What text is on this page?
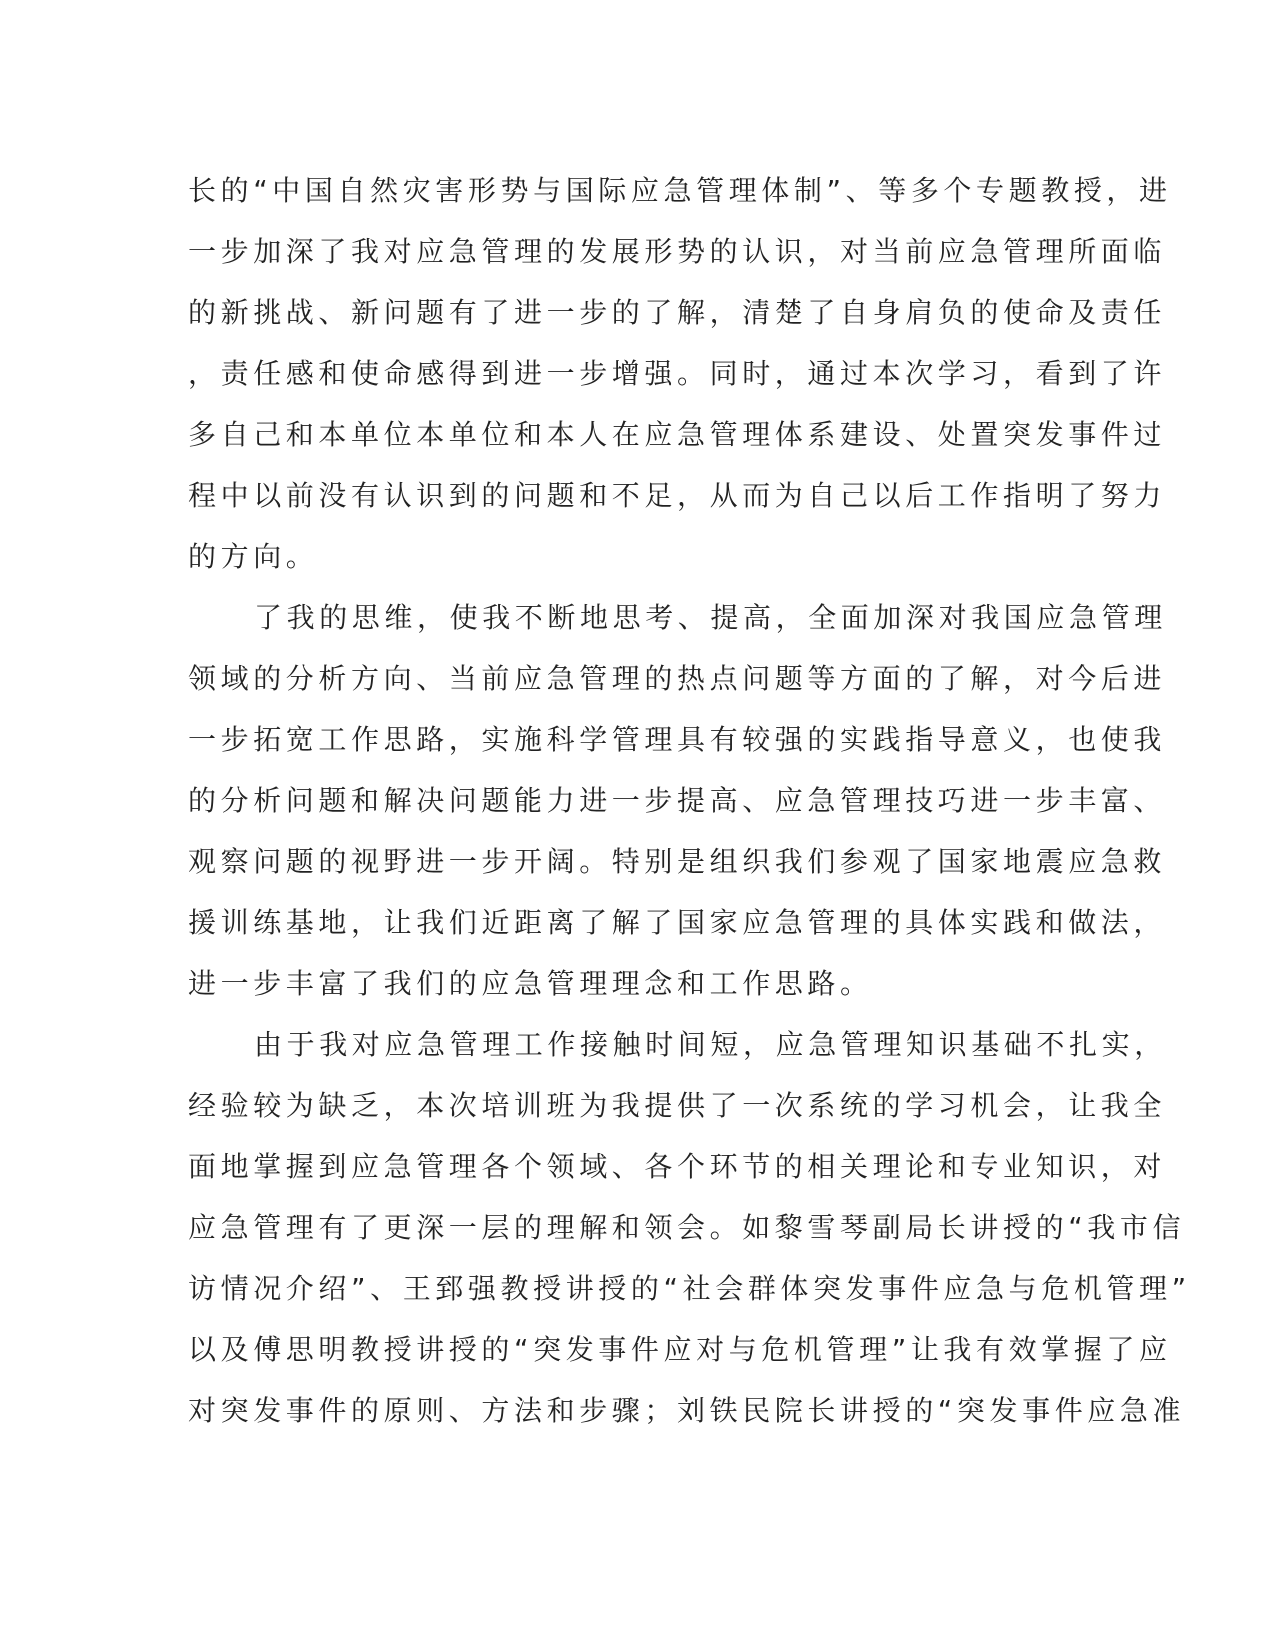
长的“中国自然灾害形势与国际应急管理体制”、等多个专题教授，进
一步加深了我对应急管理的发展形势的认识，对当前应急管理所面临
的新挑战、新问题有了进一步的了解，清楚了自身肩负的使命及责任
，责任感和使命感得到进一步增强。同时，通过本次学习，看到了许
多自己和本单位本单位和本人在应急管理体系建设、处置突发事件过
程中以前没有认识到的问题和不足，从而为自己以后工作指明了努力
的方向。
了我的思维，使我不断地思考、提高，全面加深对我国应急管理
领域的分析方向、当前应急管理的热点问题等方面的了解，对今后进
一步拓宽工作思路，实施科学管理具有较强的实践指导意义，也使我
的分析问题和解决问题能力进一步提高、应急管理技巧进一步丰富、
观察问题的视野进一步开阔。特别是组织我们参观了国家地震应急救
援训练基地，让我们近距离了解了国家应急管理的具体实践和做法，
进一步丰富了我们的应急管理理念和工作思路。
由于我对应急管理工作接触时间短，应急管理知识基础不扎实，
经验较为缺乏，本次培训班为我提供了一次系统的学习机会，让我全
面地掌握到应急管理各个领域、各个环节的相关理论和专业知识，对
应急管理有了更深一层的理解和领会。如黎雪琴副局长讲授的“我市信
访情况介绍”、王郅强教授讲授的“社会群体突发事件应急与危机管理”
以及傅思明教授讲授的“突发事件应对与危机管理”让我有效掌握了应
对突发事件的原则、方法和步骤；刘铁民院长讲授的“突发事件应急准
